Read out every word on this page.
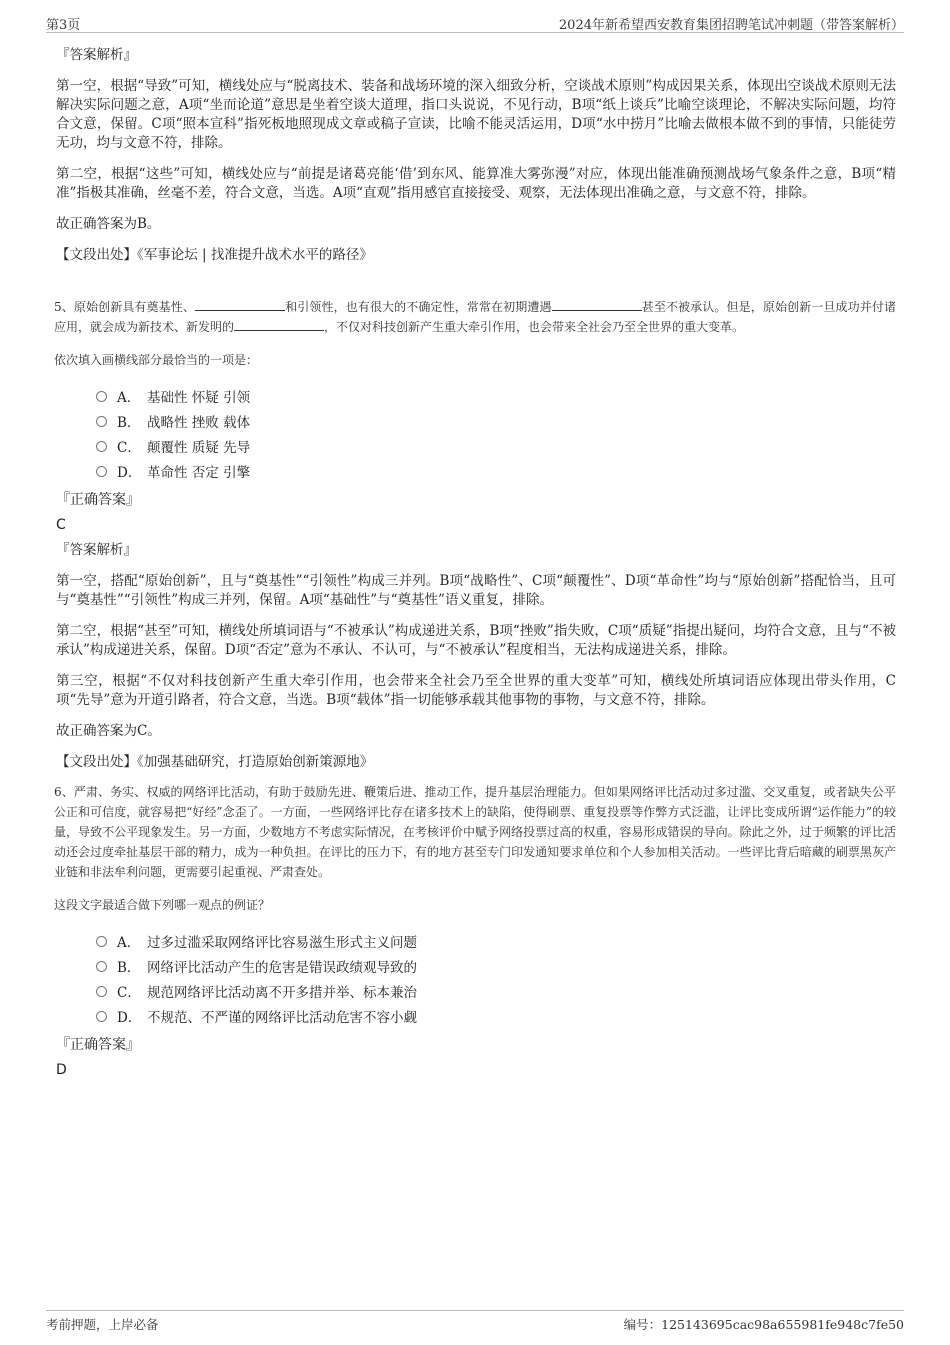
第3页	2024年新希望西安教育集团招聘笔试冲刺题（带答案解析）
『答案解析』

第一空，根据“导致”可知，横线处应与“脱离技术、装备和战场环境的深入细致分析，空谈战术原则”构成因果关系，体现出空谈战术原则无法解决实际问题之意，A项“坐而论道”意思是坐着空谈大道理，指口头说说，不见行动，B项“纸上谈兵”比喻空谈理论，不解决实际问题，均符合文意，保留。C项“照本宣科”指死板地照现成文章或稿子宣读，比喻不能灵活运用，D项“水中捞月”比喻去做根本做不到的事情，只能徒劳无功，均与文意不符，排除。

第二空，根据“这些”可知，横线处应与“前提是诸葛亮能‘借’到东风、能算准大雾弥漫”对应，体现出能准确预测战场气象条件之意，B项“精准”指极其准确，丝毫不差，符合文意，当选。A项“直观”指用感官直接接受、观察，无法体现出准确之意，与文意不符，排除。

故正确答案为B。

【文段出处】《军事论坛 | 找准提升战术水平的路径》

5、原始创新具有奠基性、	和引领性，也有很大的不确定性，常常在初期遭遇	甚至不被承认。但是，原始创新一旦成功并付诸应用，就会成为新技术、新发明的	，不仅对科技创新产生重大牵引作用，也会带来全社会乃至全世界的重大变革。

依次填入画横线部分最恰当的一项是：

A． 基础性 怀疑 引领
B． 战略性 挫败 载体
C． 颠覆性 质疑 先导
D． 革命性 否定 引擎
『正确答案』
C
『答案解析』

第一空，搭配“原始创新”，且与“奠基性”“引领性”构成三并列。B项“战略性”、C项“颠覆性”、D项“革命性”均与“原始创新”搭配恰当，且可与“奠基性”“引领性”构成三并列，保留。A项“基础性”与“奠基性”语义重复，排除。

第二空，根据“甚至”可知，横线处所填词语与“不被承认”构成递进关系，B项“挫败”指失败，C项“质疑”指提出疑问，均符合文意，且与“不被承认”构成递进关系，保留。D项“否定”意为不承认、不认可，与“不被承认”程度相当，无法构成递进关系，排除。

第三空，根据“不仅对科技创新产生重大牵引作用，也会带来全社会乃至全世界的重大变革”可知，横线处所填词语应体现出带头作用，C项“先导”意为开道引路者，符合文意，当选。B项“载体”指一切能够承载其他事物的事物，与文意不符，排除。

故正确答案为C。

【文段出处】《加强基础研究，打造原始创新策源地》

6、严肃、务实、权威的网络评比活动，有助于鼓励先进、鞭策后进、推动工作，提升基层治理能力。但如果网络评比活动过多过滥、交叉重复，或者缺失公平公正和可信度，就容易把“好经”念歪了。一方面，一些网络评比存在诸多技术上的缺陷，使得刷票、重复投票等作弊方式泛滥，让评比变成所谓“运作能力”的较量，导致不公平现象发生。另一方面，少数地方不考虑实际情况，在考核评价中赋予网络投票过高的权重，容易形成错误的导向。除此之外，过于频繁的评比活动还会过度牵扯基层干部的精力，成为一种负担。在评比的压力下，有的地方甚至专门印发通知要求单位和个人参加相关活动。一些评比背后暗藏的刷票黑灰产业链和非法牟利问题，更需要引起重视、严肃查处。

这段文字最适合做下列哪一观点的例证？

A． 过多过滥采取网络评比容易滋生形式主义问题
B． 网络评比活动产生的危害是错误政绩观导致的
C． 规范网络评比活动离不开多措并举、标本兼治
D． 不规范、不严谨的网络评比活动危害不容小觑
『正确答案』
D
考前押题，上岸必备	编号：125143695cac98a655981fe948c7fe50
